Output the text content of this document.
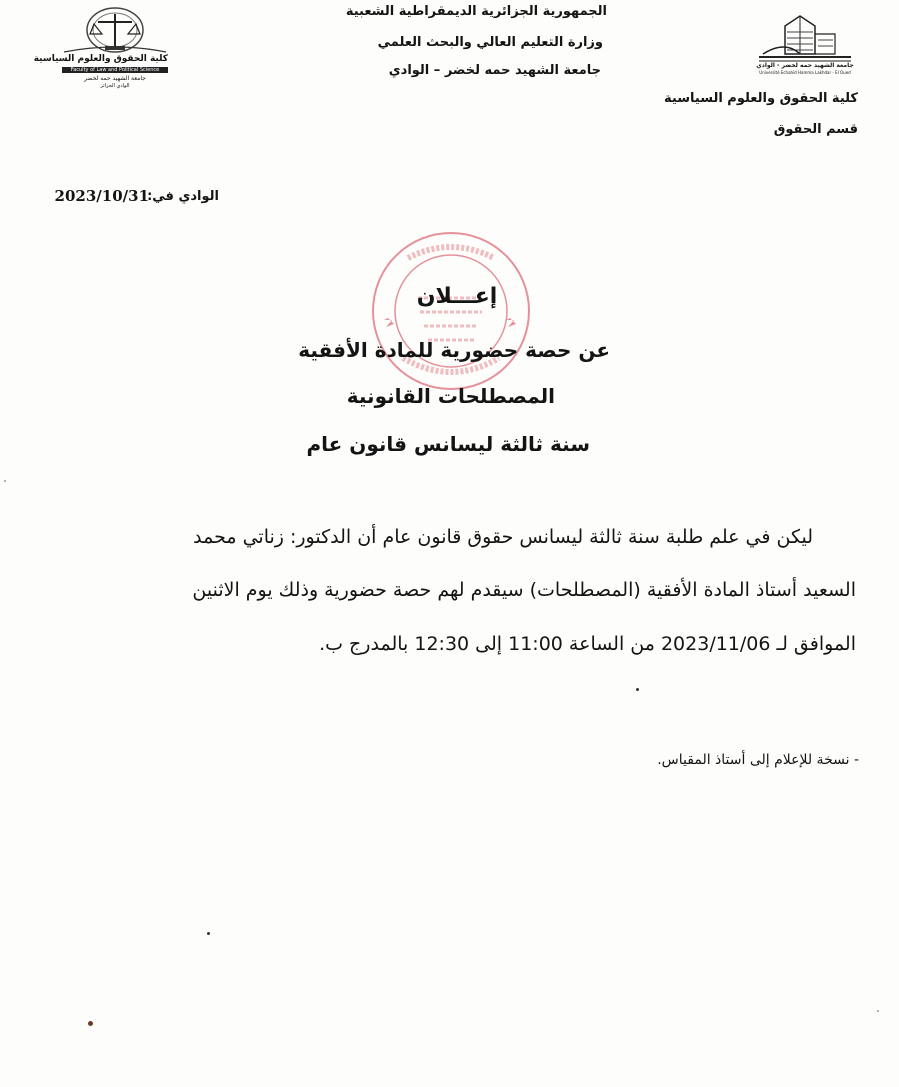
كلية الحقوق والعلوم السياسية
Faculty of Law and Political Science
جامعة الشهيد حمه لخضر
الوادي الجزائر
جامعة الشهيد حمه لخضر - الوادي
Université Echahid Hamma Lakhdar - El Oued
الجمهورية الجزائرية الديمقراطية الشعبية
وزارة التعليم العالي والبحث العلمي
جامعة الشهيد حمه لخضر – الوادي
كلية الحقوق والعلوم السياسية
قسم الحقوق
الوادي في:
2023/10/31
إعـــلان
عن حصة حضورية للمادة الأفقية
المصطلحات القانونية
سنة ثالثة ليسانس قانون عام
ليكن في علم طلبة سنة ثالثة ليسانس حقوق قانون عام أن الدكتور: زناتي محمد
السعيد أستاذ المادة الأفقية (المصطلحات) سيقدم لهم حصة حضورية وذلك يوم الاثنين
الموافق لـ 2023/11/06 من الساعة 11:00 إلى 12:30 بالمدرج ب.
- نسخة للإعلام إلى أستاذ المقياس.
